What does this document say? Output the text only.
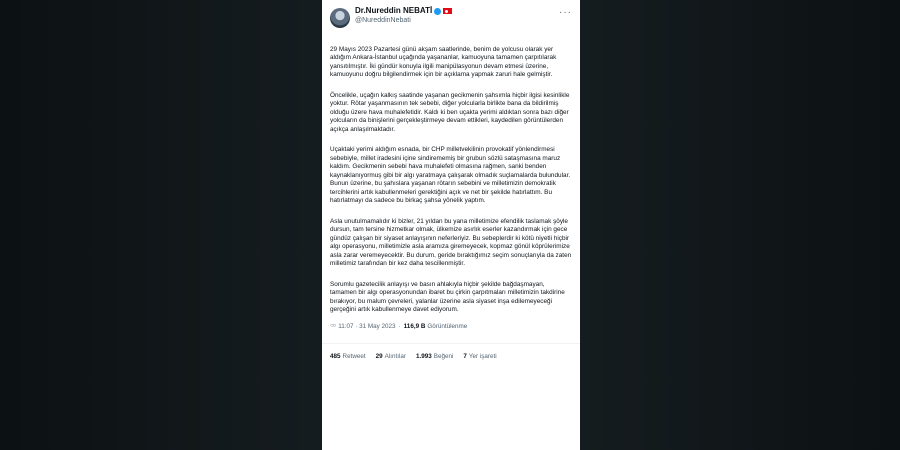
Dr.Nureddin NEBATİ
@NureddinNebati
···

29 Mayıs 2023 Pazartesi günü akşam saatlerinde, benim de yolcusu olarak yer aldığım Ankara-İstanbul uçağında yaşananlar, kamuoyuna tamamen çarpıtılarak yansıtılmıştır. İki gündür konuyla ilgili manipülasyonun devam etmesi üzerine, kamuoyunu doğru bilgilendirmek için bir açıklama yapmak zaruri hale gelmiştir.

Öncelikle, uçağın kalkış saatinde yaşanan gecikmenin şahsımla hiçbir ilgisi kesinlikle yoktur. Rötar yaşanmasının tek sebebi, diğer yolcularla birlikte bana da bildirilmiş olduğu üzere hava muhalefetidir. Kaldı ki ben uçakta yerimi aldıktan sonra bazı diğer yolcuların da binişlerini gerçekleştirmeye devam ettikleri, kaydedilen görüntülerden açıkça anlaşılmaktadır.

Uçaktaki yerimi aldığım esnada, bir CHP milletvekilinin provokatif yönlendirmesi sebebiyle, millet iradesini içine sindirememiş bir grubun sözlü sataşmasına maruz kaldım. Gecikmenin sebebi hava muhalefeti olmasına rağmen, sanki benden kaynaklanıyormuş gibi bir algı yaratmaya çalışarak olmadık suçlamalarda bulundular. Bunun üzerine, bu şahıslara yaşanan rötarın sebebini ve milletimizin demokratik tercihlerini artık kabullenmeleri gerektiğini açık ve net bir şekilde hatırlattım. Bu hatırlatmayı da sadece bu birkaç şahsa yönelik yaptım.

Asla unutulmamalıdır ki bizler, 21 yıldan bu yana milletimize efendilik taslamak şöyle dursun, tam tersine hizmetkar olmak, ülkemize asırlık eserler kazandırmak için gece gündüz çalışan bir siyaset anlayışının neferleriyiz. Bu sebeplerdir ki kötü niyetli hiçbir algı operasyonu, milletimizle asla aramıza giremeyecek, kopmaz gönül köprülerimize asla zarar veremeyecektir. Bu durum, geride bıraktığımız seçim sonuçlarıyla da zaten milletimiz tarafından bir kez daha tescillenmiştir.

Sorumlu gazetecilik anlayışı ve basın ahlakıyla hiçbir şekilde bağdaşmayan, tamamen bir algı operasyonundan ibaret bu çirkin çarpıtmaları milletimizin takdirine bırakıyor, bu malum çevreleri, yalanlar üzerine asla siyaset inşa edilemeyeceği gerçeğini artık kabullenmeye davet ediyorum.

○○ 11:07 · 31 May 2023 · 116,9 B Görüntülenme
485 Retweet 29 Alıntılar 1.993 Beğeni 7 Yer işareti
